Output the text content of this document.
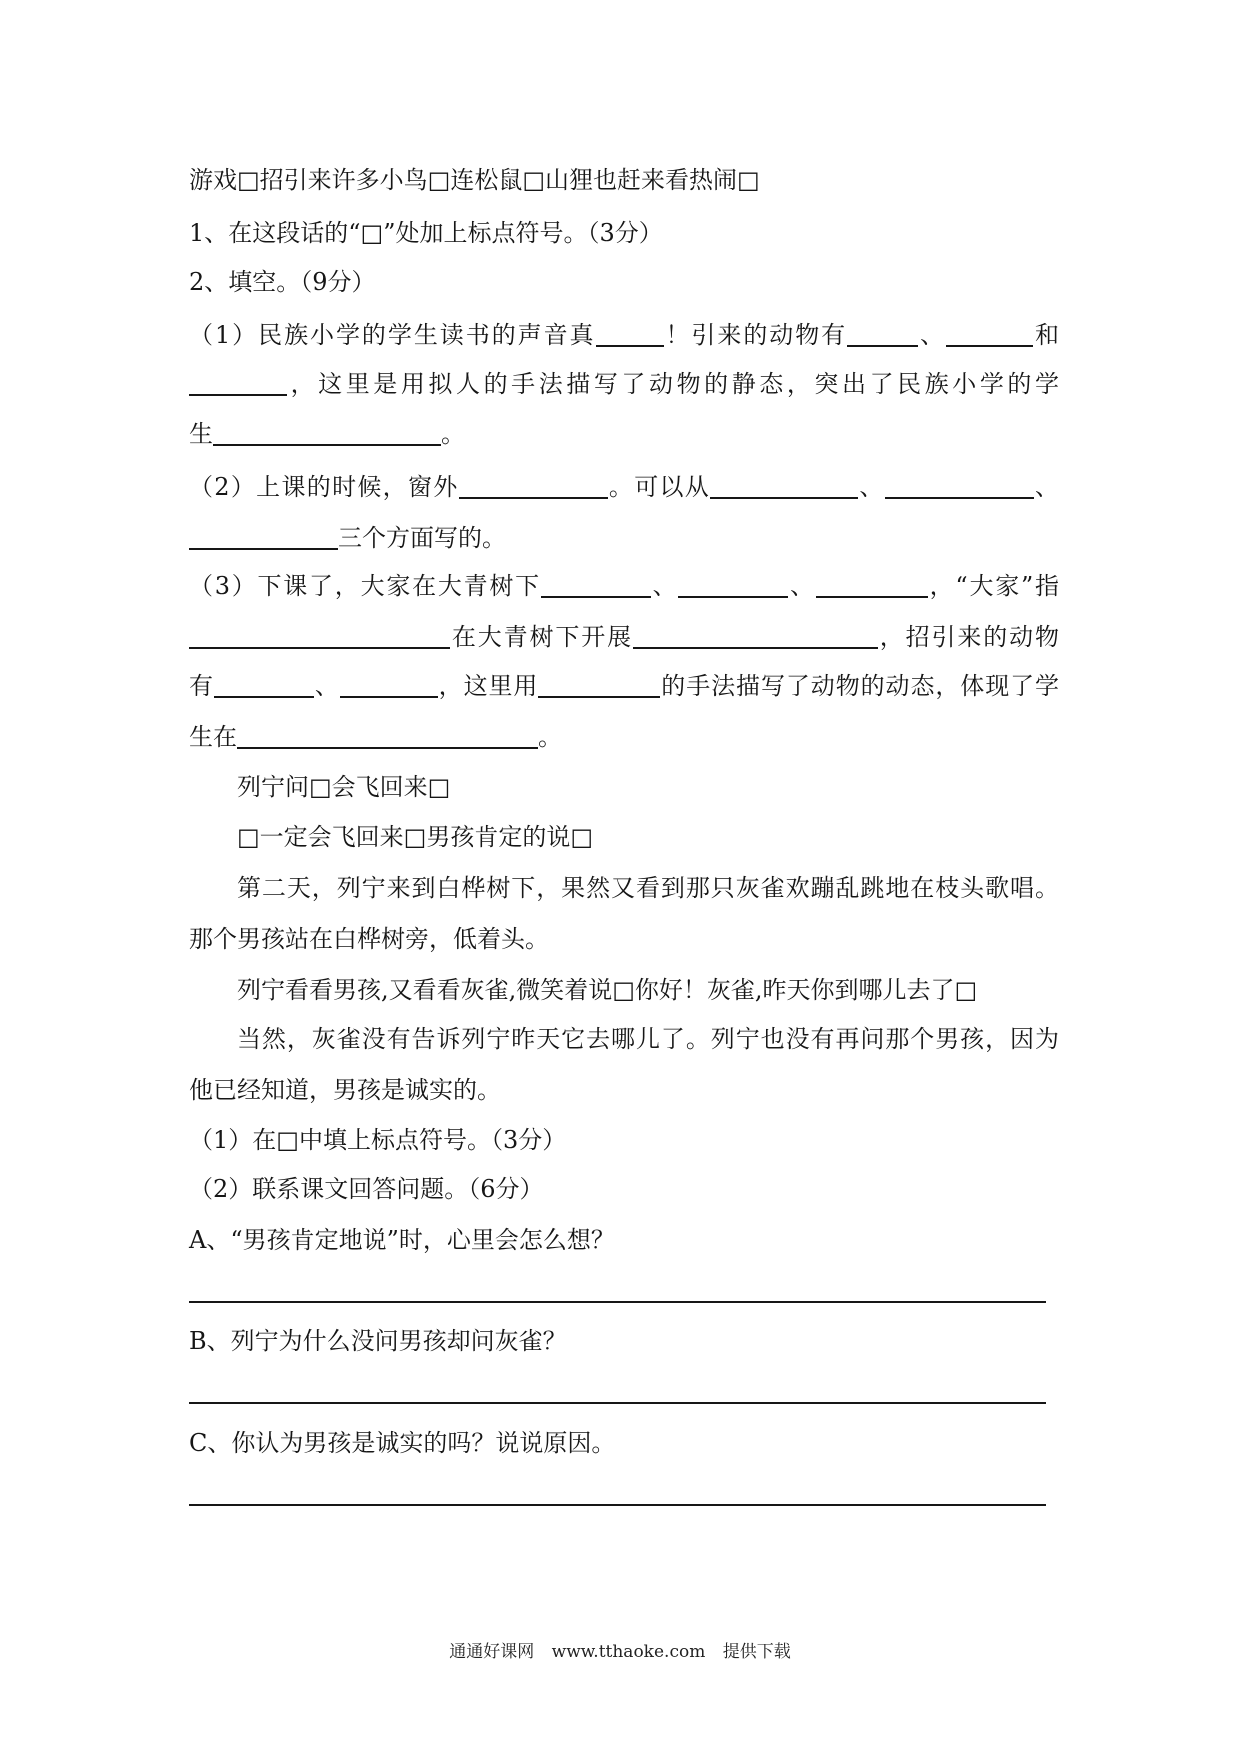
游戏□招引来许多小鸟□连松鼠□山狸也赶来看热闹□
1、在这段话的“□”处加上标点符号。（3分）
2、填空。（9分）
（1）民族小学的学生读书的声音真	！引来的动物有	、	和
，这里是用拟人的手法描写了动物的静态，突出了民族小学的学
生	。
（2）上课的时候，窗外	。可以从	、	、
三个方面写的。
（3）下课了，大家在大青树下	、	、	，“大家”指
在大青树下开展	，招引来的动物
有	、	，这里用	的手法描写了动物的动态，体现了学
生在	。
列宁问□会飞回来□
□一定会飞回来□男孩肯定的说□
第二天，列宁来到白桦树下，果然又看到那只灰雀欢蹦乱跳地在枝头歌唱。
那个男孩站在白桦树旁，低着头。
列宁看看男孩,又看看灰雀,微笑着说□你好！灰雀,昨天你到哪儿去了□
当然，灰雀没有告诉列宁昨天它去哪儿了。列宁也没有再问那个男孩，因为
他已经知道，男孩是诚实的。
（1）在□中填上标点符号。（3分）
（2）联系课文回答问题。（6分）
A、“男孩肯定地说”时，心里会怎么想？
B、列宁为什么没问男孩却问灰雀？
C、你认为男孩是诚实的吗？说说原因。
通通好课网 www.tthaoke.com 提供下载
